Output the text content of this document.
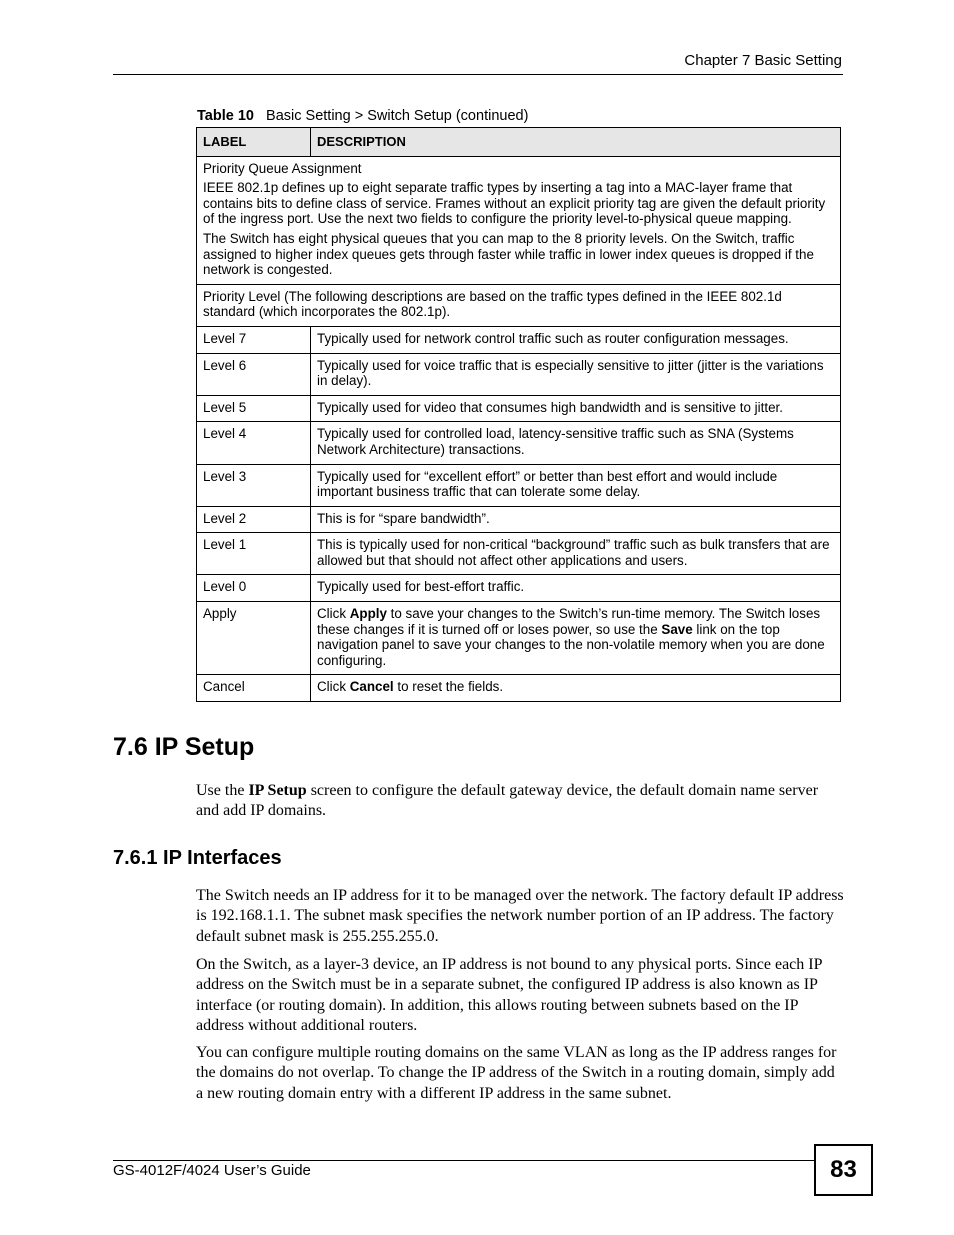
Chapter 7 Basic Setting
Table 10 Basic Setting > Switch Setup (continued)
LABEL	DESCRIPTION

Priority Queue Assignment

IEEE 802.1p defines up to eight separate traffic types by inserting a tag into a MAC-layer frame that contains bits to define class of service. Frames without an explicit priority tag are given the default priority of the ingress port. Use the next two fields to configure the priority level-to-physical queue mapping.

The Switch has eight physical queues that you can map to the 8 priority levels. On the Switch, traffic assigned to higher index queues gets through faster while traffic in lower index queues is dropped if the network is congested.	

Priority Level (The following descriptions are based on the traffic types defined in the IEEE 802.1d standard (which incorporates the 802.1p).	
Level 7	Typically used for network control traffic such as router configuration messages.
Level 6	Typically used for voice traffic that is especially sensitive to jitter (jitter is the variations in delay).
Level 5	Typically used for video that consumes high bandwidth and is sensitive to jitter.
Level 4	Typically used for controlled load, latency-sensitive traffic such as SNA (Systems Network Architecture) transactions.
Level 3	Typically used for “excellent effort” or better than best effort and would include important business traffic that can tolerate some delay.
Level 2	This is for “spare bandwidth”.
Level 1	This is typically used for non-critical “background” traffic such as bulk transfers that are allowed but that should not affect other applications and users.
Level 0	Typically used for best-effort traffic.
Apply	Click Apply to save your changes to the Switch’s run-time memory. The Switch loses these changes if it is turned off or loses power, so use the Save link on the top navigation panel to save your changes to the non-volatile memory when you are done configuring.
Cancel	Click Cancel to reset the fields.
7.6 IP Setup

Use the IP Setup screen to configure the default gateway device, the default domain name server and add IP domains.

7.6.1 IP Interfaces

The Switch needs an IP address for it to be managed over the network. The factory default IP address is 192.168.1.1. The subnet mask specifies the network number portion of an IP address. The factory default subnet mask is 255.255.255.0.

On the Switch, as a layer-3 device, an IP address is not bound to any physical ports. Since each IP address on the Switch must be in a separate subnet, the configured IP address is also known as IP interface (or routing domain). In addition, this allows routing between subnets based on the IP address without additional routers.

You can configure multiple routing domains on the same VLAN as long as the IP address ranges for the domains do not overlap. To change the IP address of the Switch in a routing domain, simply add a new routing domain entry with a different IP address in the same subnet.

GS-4012F/4024 User’s Guide	83
